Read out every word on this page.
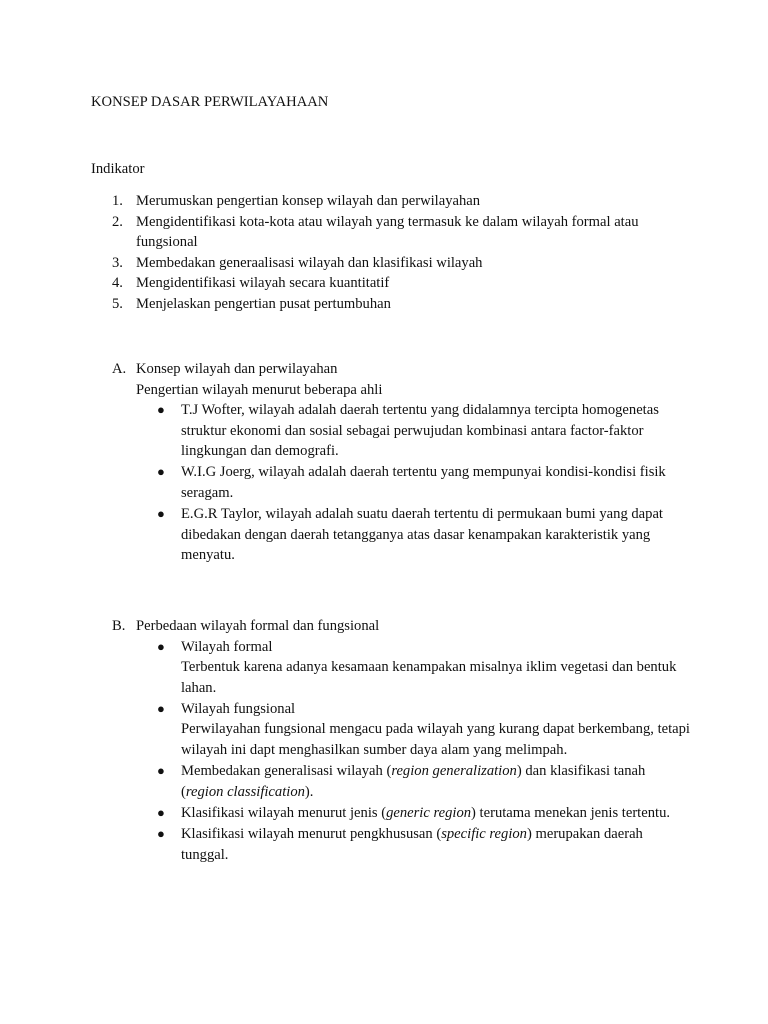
KONSEP DASAR PERWILAYAHAAN
Indikator
1. Merumuskan pengertian konsep wilayah dan perwilayahan
2. Mengidentifikasi kota-kota atau wilayah yang termasuk ke dalam wilayah formal atau fungsional
3. Membedakan generaalisasi wilayah dan klasifikasi wilayah
4. Mengidentifikasi wilayah secara kuantitatif
5. Menjelaskan pengertian pusat pertumbuhan
A. Konsep wilayah dan perwilayahan
Pengertian wilayah menurut beberapa ahli
● T.J Wofter, wilayah adalah daerah tertentu yang didalamnya tercipta homogenetas struktur ekonomi dan sosial sebagai perwujudan kombinasi antara factor-faktor lingkungan dan demografi.
● W.I.G Joerg, wilayah adalah daerah tertentu yang mempunyai kondisi-kondisi fisik seragam.
● E.G.R Taylor, wilayah adalah suatu daerah tertentu di permukaan bumi yang dapat dibedakan dengan daerah tetangganya atas dasar kenampakan karakteristik yang menyatu.
B. Perbedaan wilayah formal dan fungsional
● Wilayah formal
Terbentuk karena adanya kesamaan kenampakan misalnya iklim vegetasi dan bentuk lahan.
● Wilayah fungsional
Perwilayahan fungsional mengacu pada wilayah yang kurang dapat berkembang, tetapi wilayah ini dapt menghasilkan sumber daya alam yang melimpah.
● Membedakan generalisasi wilayah (region generalization) dan klasifikasi tanah (region classification).
● Klasifikasi wilayah menurut jenis (generic region) terutama menekan jenis tertentu.
● Klasifikasi wilayah menurut pengkhususan (specific region) merupakan daerah tunggal.
